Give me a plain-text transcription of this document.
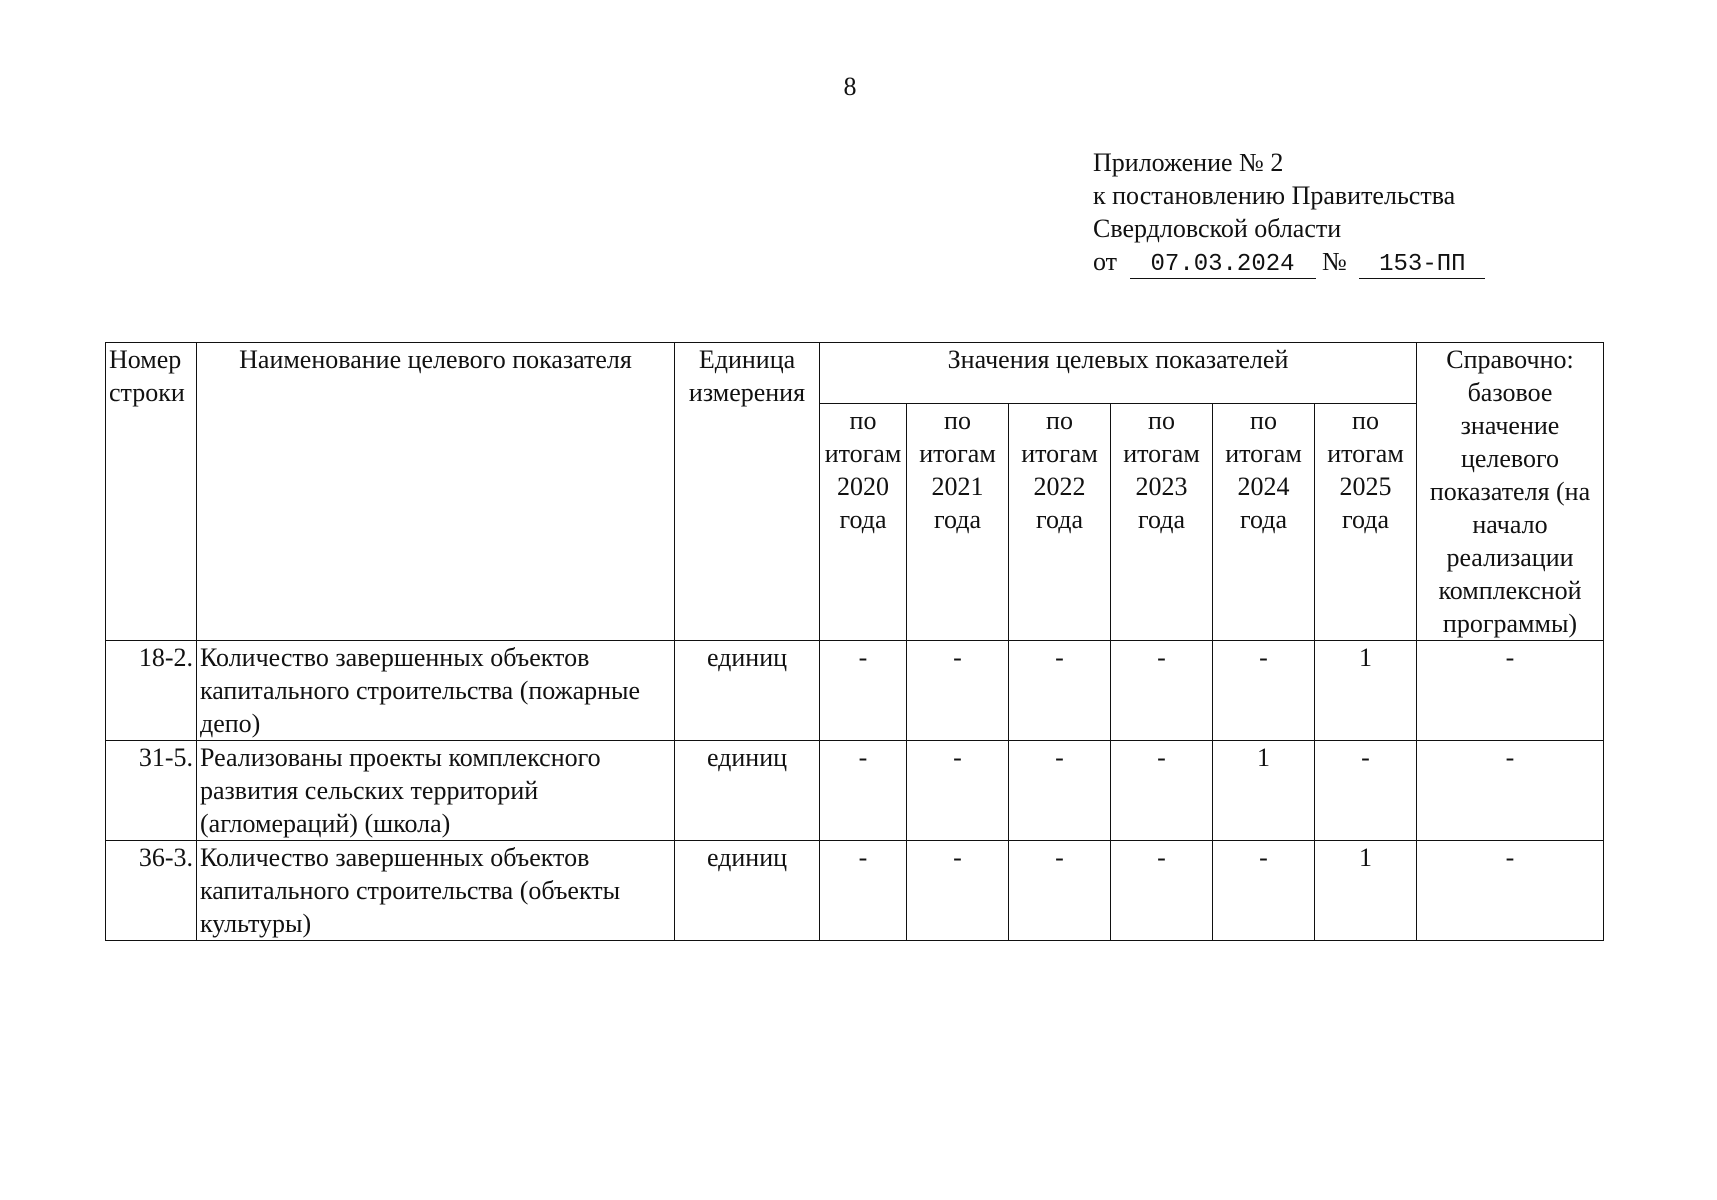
8
Приложение № 2
к постановлению Правительства
Свердловской области
от 07.03.2024 № 153-ПП
Номер строки	Наименование целевого показателя	Единица измерения	Значения целевых показателей						Справочно: базовое значение целевого показателя (на начало реализации комплексной программы)
			по итогам 2020 года	по итогам 2021 года	по итогам 2022 года	по итогам 2023 года	по итогам 2024 года	по итогам 2025 года	
18-2.	Количество завершенных объектов капитального строительства (пожарные депо)	единиц	-	-	-	-	-	1	-
31-5.	Реализованы проекты комплексного развития сельских территорий (агломераций) (школа)	единиц	-	-	-	-	1	-	-
36-3.	Количество завершенных объектов капитального строительства (объекты культуры)	единиц	-	-	-	-	-	1	-
